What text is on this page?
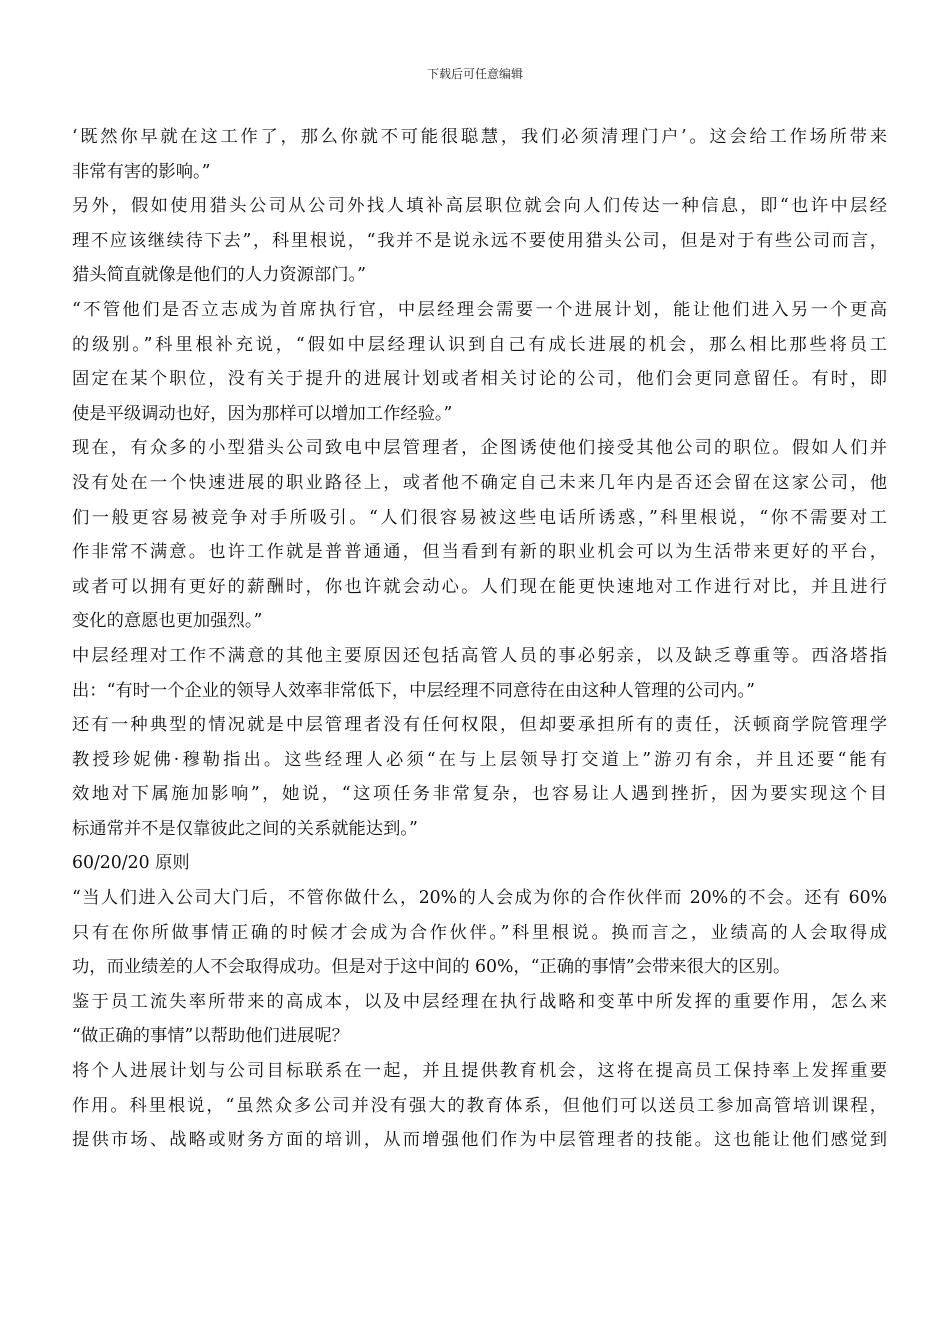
下载后可任意编辑
‘既然你早就在这工作了，那么你就不可能很聪慧，我们必须清理门户’。这会给工作场所带来
非常有害的影响。”
另外，假如使用猎头公司从公司外找人填补高层职位就会向人们传达一种信息，即“也许中层经
理不应该继续待下去”，科里根说，“我并不是说永远不要使用猎头公司，但是对于有些公司而言，
猎头简直就像是他们的人力资源部门。”
“不管他们是否立志成为首席执行官，中层经理会需要一个进展计划，能让他们进入另一个更高
的级别。”科里根补充说，“假如中层经理认识到自己有成长进展的机会，那么相比那些将员工
固定在某个职位，没有关于提升的进展计划或者相关讨论的公司，他们会更同意留任。有时，即
使是平级调动也好，因为那样可以增加工作经验。”
现在，有众多的小型猎头公司致电中层管理者，企图诱使他们接受其他公司的职位。假如人们并
没有处在一个快速进展的职业路径上，或者他不确定自己未来几年内是否还会留在这家公司，他
们一般更容易被竞争对手所吸引。“人们很容易被这些电话所诱惑，”科里根说，“你不需要对工
作非常不满意。也许工作就是普普通通，但当看到有新的职业机会可以为生活带来更好的平台，
或者可以拥有更好的薪酬时，你也许就会动心。人们现在能更快速地对工作进行对比，并且进行
变化的意愿也更加强烈。”
中层经理对工作不满意的其他主要原因还包括高管人员的事必躬亲，以及缺乏尊重等。西洛塔指
出：“有时一个企业的领导人效率非常低下，中层经理不同意待在由这种人管理的公司内。”
还有一种典型的情况就是中层管理者没有任何权限，但却要承担所有的责任，沃顿商学院管理学
教授珍妮佛·穆勒指出。这些经理人必须“在与上层领导打交道上”游刃有余，并且还要“能有
效地对下属施加影响”，她说，“这项任务非常复杂，也容易让人遇到挫折，因为要实现这个目
标通常并不是仅靠彼此之间的关系就能达到。”
60/20/20 原则
“当人们进入公司大门后，不管你做什么，20%的人会成为你的合作伙伴而 20%的不会。还有 60%
只有在你所做事情正确的时候才会成为合作伙伴。”科里根说。换而言之，业绩高的人会取得成
功，而业绩差的人不会取得成功。但是对于这中间的 60%，“正确的事情”会带来很大的区别。
鉴于员工流失率所带来的高成本，以及中层经理在执行战略和变革中所发挥的重要作用，怎么来
“做正确的事情”以帮助他们进展呢？
将个人进展计划与公司目标联系在一起，并且提供教育机会，这将在提高员工保持率上发挥重要
作用。科里根说，“虽然众多公司并没有强大的教育体系，但他们可以送员工参加高管培训课程，
提供市场、战略或财务方面的培训，从而增强他们作为中层管理者的技能。这也能让他们感觉到
